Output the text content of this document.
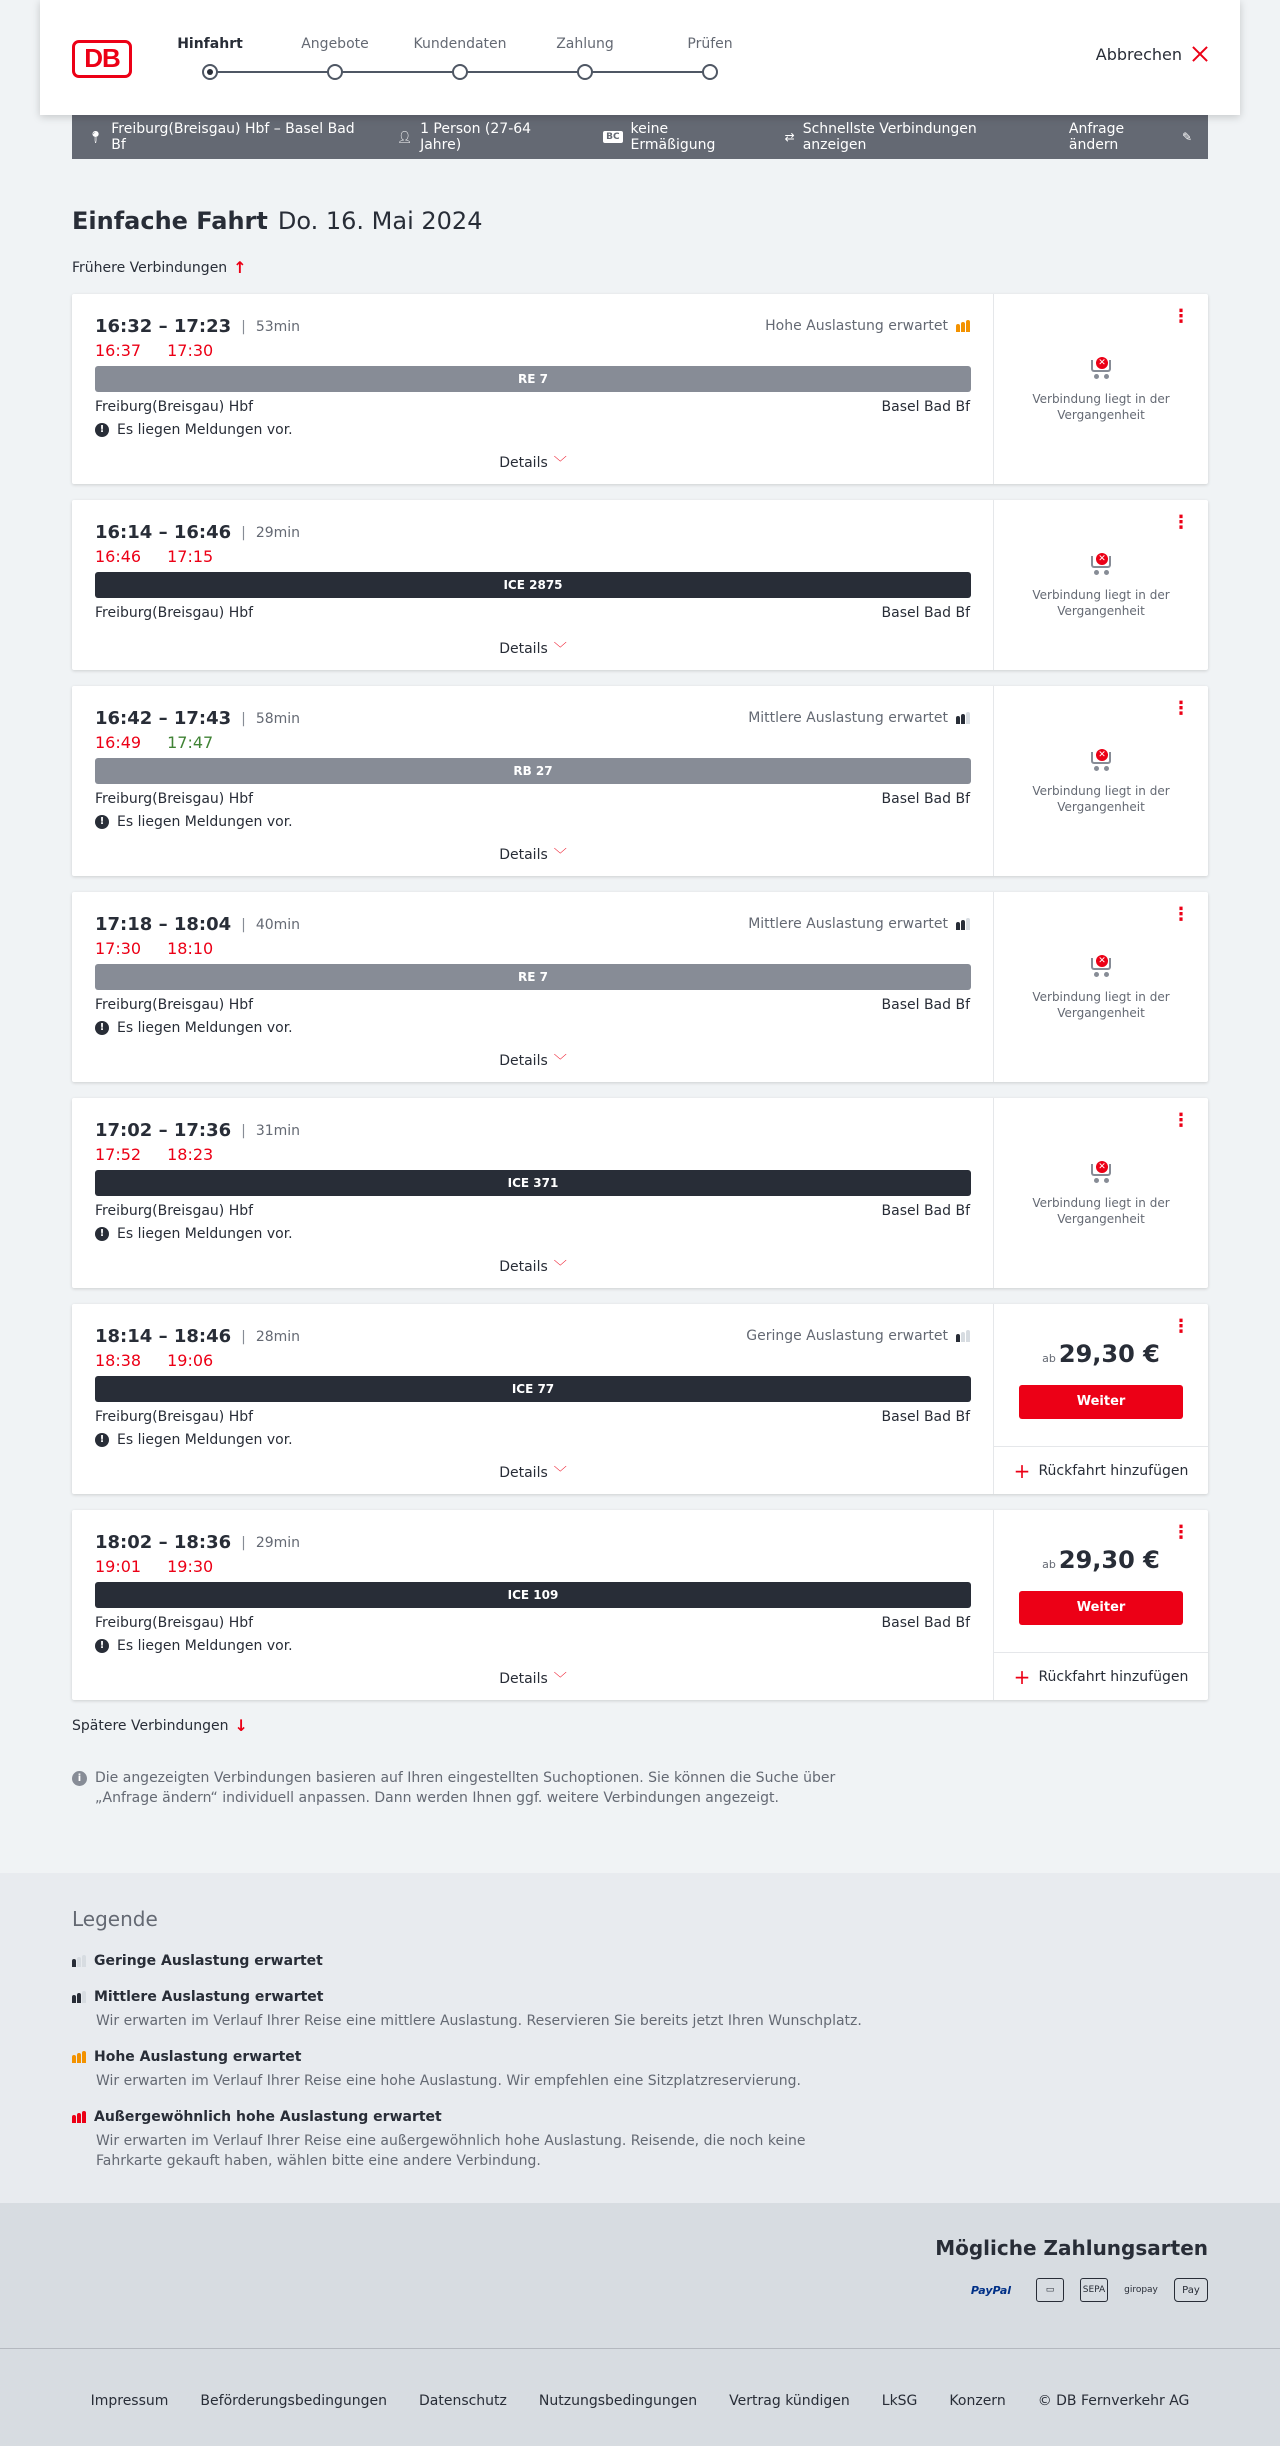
DB	Hinfahrt	Angebote	Kundendaten	Zahlung	Prüfen
Abbrechen
📍︎ Freiburg(Breisgau) Hbf – Basel Bad Bf	👤︎ 1 Person (27-64 Jahre)	BC keine Ermäßigung	⇄ Schnellste Verbindungen anzeigen
Anfrage ändern	✎
Einfache Fahrt Do. 16. Mai 2024
Frühere Verbindungen ↑
16:32 – 17:23 | 53min
16:37 17:30
Hohe Auslastung erwartet
RE 7
Freiburg(Breisgau) Hbf	Basel Bad Bf
! Es liegen Meldungen vor.
Details ﹀
⋮
✕
Verbindung liegt in der Vergangenheit
16:14 – 16:46 | 29min
16:46 17:15
ICE 2875
Freiburg(Breisgau) Hbf	Basel Bad Bf
Details ﹀
⋮
✕
Verbindung liegt in der Vergangenheit
16:42 – 17:43 | 58min
16:49 17:47
Mittlere Auslastung erwartet
RB 27
Freiburg(Breisgau) Hbf	Basel Bad Bf
! Es liegen Meldungen vor.
Details ﹀
⋮
✕
Verbindung liegt in der Vergangenheit
17:18 – 18:04 | 40min
17:30 18:10
Mittlere Auslastung erwartet
RE 7
Freiburg(Breisgau) Hbf	Basel Bad Bf
! Es liegen Meldungen vor.
Details ﹀
⋮
✕
Verbindung liegt in der Vergangenheit
17:02 – 17:36 | 31min
17:52 18:23
ICE 371
Freiburg(Breisgau) Hbf	Basel Bad Bf
! Es liegen Meldungen vor.
Details ﹀
⋮
✕
Verbindung liegt in der Vergangenheit
18:14 – 18:46 | 28min
18:38 19:06
Geringe Auslastung erwartet
ICE 77
Freiburg(Breisgau) Hbf	Basel Bad Bf
! Es liegen Meldungen vor.
Details ﹀
⋮
ab 29,30 €
Weiter
+ Rückfahrt hinzufügen
18:02 – 18:36 | 29min
19:01 19:30
ICE 109
Freiburg(Breisgau) Hbf	Basel Bad Bf
! Es liegen Meldungen vor.
Details ﹀
⋮
ab 29,30 €
Weiter
+ Rückfahrt hinzufügen
Spätere Verbindungen ↓
i Die angezeigten Verbindungen basieren auf Ihren eingestellten Suchoptionen. Sie können die Suche über „Anfrage ändern“ individuell anpassen. Dann werden Ihnen ggf. weitere Verbindungen angezeigt.
Legende
Geringe Auslastung erwartet
Mittlere Auslastung erwartet
Wir erwarten im Verlauf Ihrer Reise eine mittlere Auslastung. Reservieren Sie bereits jetzt Ihren Wunschplatz.
Hohe Auslastung erwartet
Wir erwarten im Verlauf Ihrer Reise eine hohe Auslastung. Wir empfehlen eine Sitzplatzreservierung.
Außergewöhnlich hohe Auslastung erwartet
Wir erwarten im Verlauf Ihrer Reise eine außergewöhnlich hohe Auslastung. Reisende, die noch keine Fahrkarte gekauft haben, wählen bitte eine andere Verbindung.
Mögliche Zahlungsarten
PayPal	▭	SEPA	giropay	Pay
Impressum Beförderungsbedingungen Datenschutz Nutzungsbedingungen Vertrag kündigen LkSG Konzern © DB Fernverkehr AG
